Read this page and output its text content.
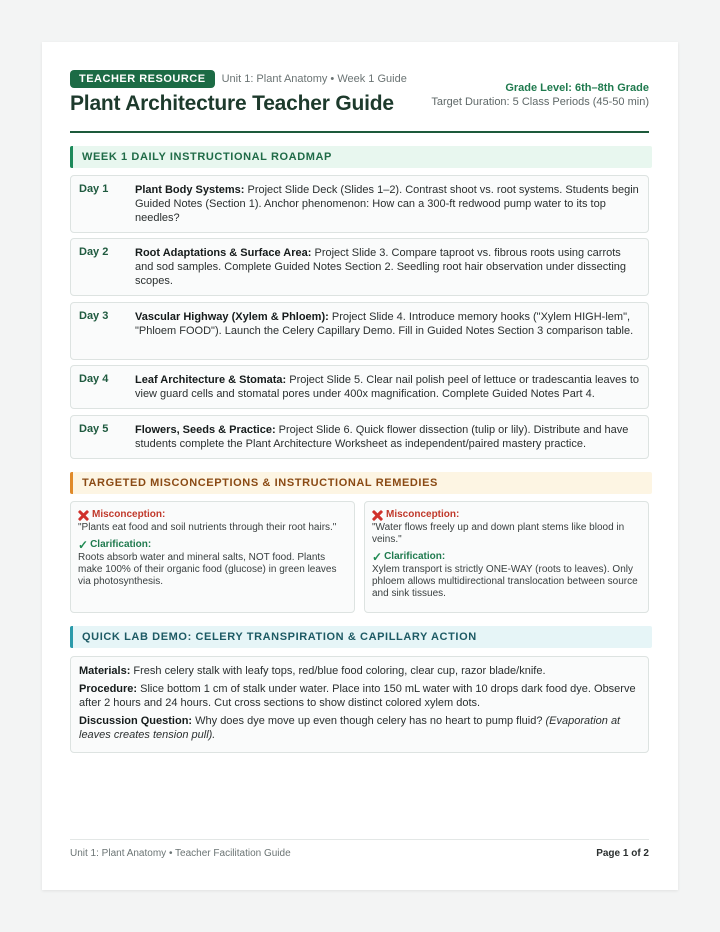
TEACHER RESOURCE	Unit 1: Plant Anatomy • Week 1 Guide
Plant Architecture Teacher Guide
Grade Level: 6th–8th Grade
Target Duration: 5 Class Periods (45-50 min)
WEEK 1 DAILY INSTRUCTIONAL ROADMAP
Day 1 Plant Body Systems: Project Slide Deck (Slides 1–2). Contrast shoot vs. root systems. Students begin Guided Notes (Section 1). Anchor phenomenon: How can a 300-ft redwood pump water to its top needles?
Day 2 Root Adaptations & Surface Area: Project Slide 3. Compare taproot vs. fibrous roots using carrots and sod samples. Complete Guided Notes Section 2. Seedling root hair observation under dissecting scopes.
Day 3 Vascular Highway (Xylem & Phloem): Project Slide 4. Introduce memory hooks ("Xylem HIGH-lem", "Phloem FOOD"). Launch the Celery Capillary Demo. Fill in Guided Notes Section 3 comparison table.
Day 4 Leaf Architecture & Stomata: Project Slide 5. Clear nail polish peel of lettuce or tradescantia leaves to view guard cells and stomatal pores under 400x magnification. Complete Guided Notes Part 4.
Day 5 Flowers, Seeds & Practice: Project Slide 6. Quick flower dissection (tulip or lily). Distribute and have students complete the Plant Architecture Worksheet as independent/paired mastery practice.
TARGETED MISCONCEPTIONS & INSTRUCTIONAL REMEDIES
Misconception:
"Plants eat food and soil nutrients through their root hairs."
✓ Clarification:
Roots absorb water and mineral salts, NOT food. Plants make 100% of their organic food (glucose) in green leaves via photosynthesis.
Misconception:
"Water flows freely up and down plant stems like blood in veins."
✓ Clarification:
Xylem transport is strictly ONE-WAY (roots to leaves). Only phloem allows multidirectional translocation between source and sink tissues.
QUICK LAB DEMO: CELERY TRANSPIRATION & CAPILLARY ACTION

Materials: Fresh celery stalk with leafy tops, red/blue food coloring, clear cup, razor blade/knife.

Procedure: Slice bottom 1 cm of stalk under water. Place into 150 mL water with 10 drops dark food dye. Observe after 2 hours and 24 hours. Cut cross sections to show distinct colored xylem dots.

Discussion Question: Why does dye move up even though celery has no heart to pump fluid? (Evaporation at leaves creates tension pull).

Unit 1: Plant Anatomy • Teacher Facilitation Guide	Page 1 of 2
